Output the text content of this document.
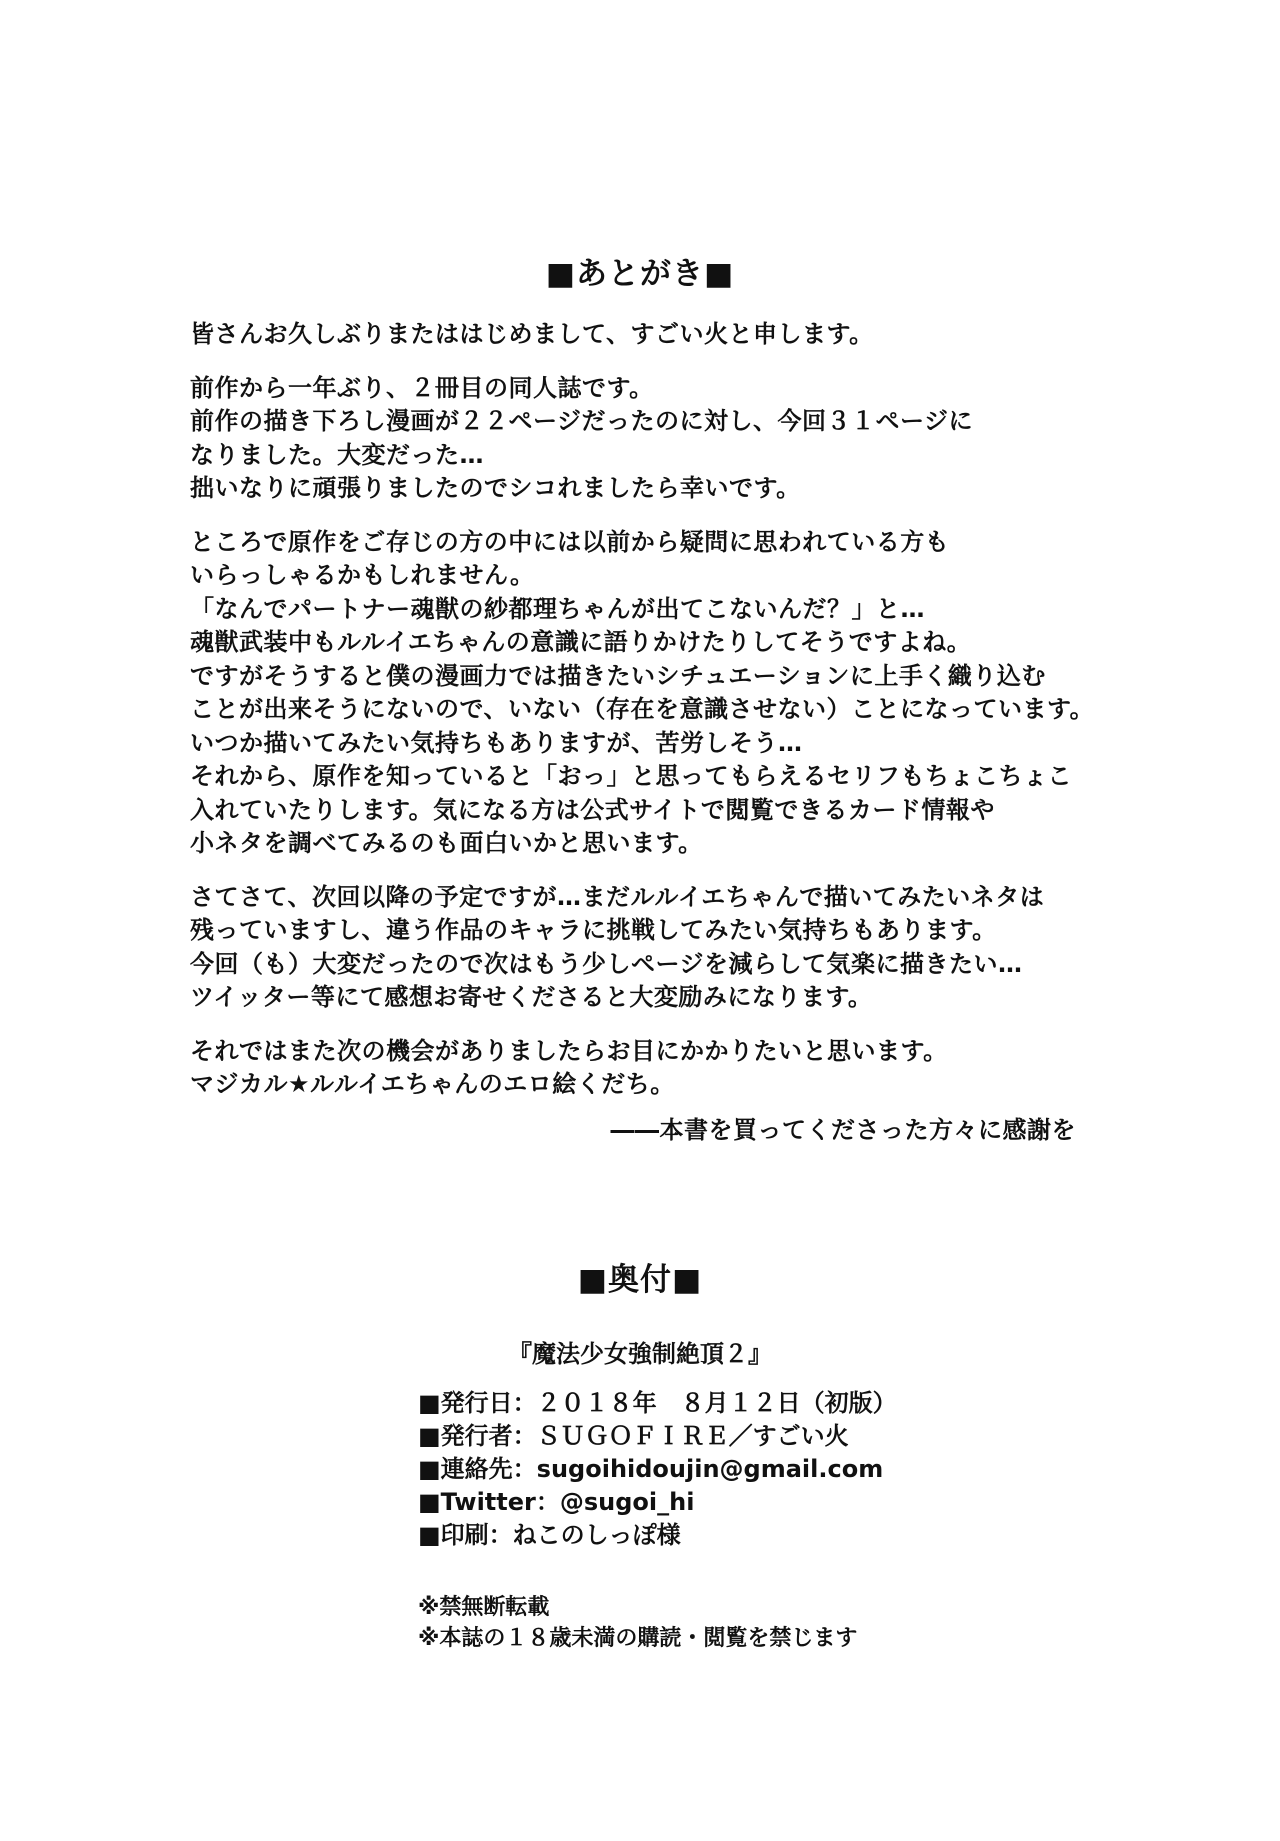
■あとがき■
皆さんお久しぶりまたははじめまして、すごい火と申します。
前作から一年ぶり、２冊目の同人誌です。
前作の描き下ろし漫画が２２ページだったのに対し、今回３１ページに
なりました。大変だった…
拙いなりに頑張りましたのでシコれましたら幸いです。
ところで原作をご存じの方の中には以前から疑問に思われている方も
いらっしゃるかもしれません。
「なんでパートナー魂獣の紗都理ちゃんが出てこないんだ？」と…
魂獣武装中もルルイエちゃんの意識に語りかけたりしてそうですよね。
ですがそうすると僕の漫画力では描きたいシチュエーションに上手く織り込む
ことが出来そうにないので、いない（存在を意識させない）ことになっています。
いつか描いてみたい気持ちもありますが、苦労しそう…
それから、原作を知っていると「おっ」と思ってもらえるセリフもちょこちょこ
入れていたりします。気になる方は公式サイトで閲覧できるカード情報や
小ネタを調べてみるのも面白いかと思います。
さてさて、次回以降の予定ですが…まだルルイエちゃんで描いてみたいネタは
残っていますし、違う作品のキャラに挑戦してみたい気持ちもあります。
今回（も）大変だったので次はもう少しページを減らして気楽に描きたい…
ツイッター等にて感想お寄せくださると大変励みになります。
それではまた次の機会がありましたらお目にかかりたいと思います。
マジカル★ルルイエちゃんのエロ絵くだち。
――本書を買ってくださった方々に感謝を
■奥付■
『魔法少女強制絶頂２』
■発行日：２０１８年　８月１２日（初版）
■発行者：ＳＵＧＯＦＩＲＥ／すごい火
■連絡先：sugoihidoujin@gmail.com
■Twitter：@sugoi_hi
■印刷：ねこのしっぽ様
※禁無断転載
※本誌の１８歳未満の購読・閲覧を禁じます
